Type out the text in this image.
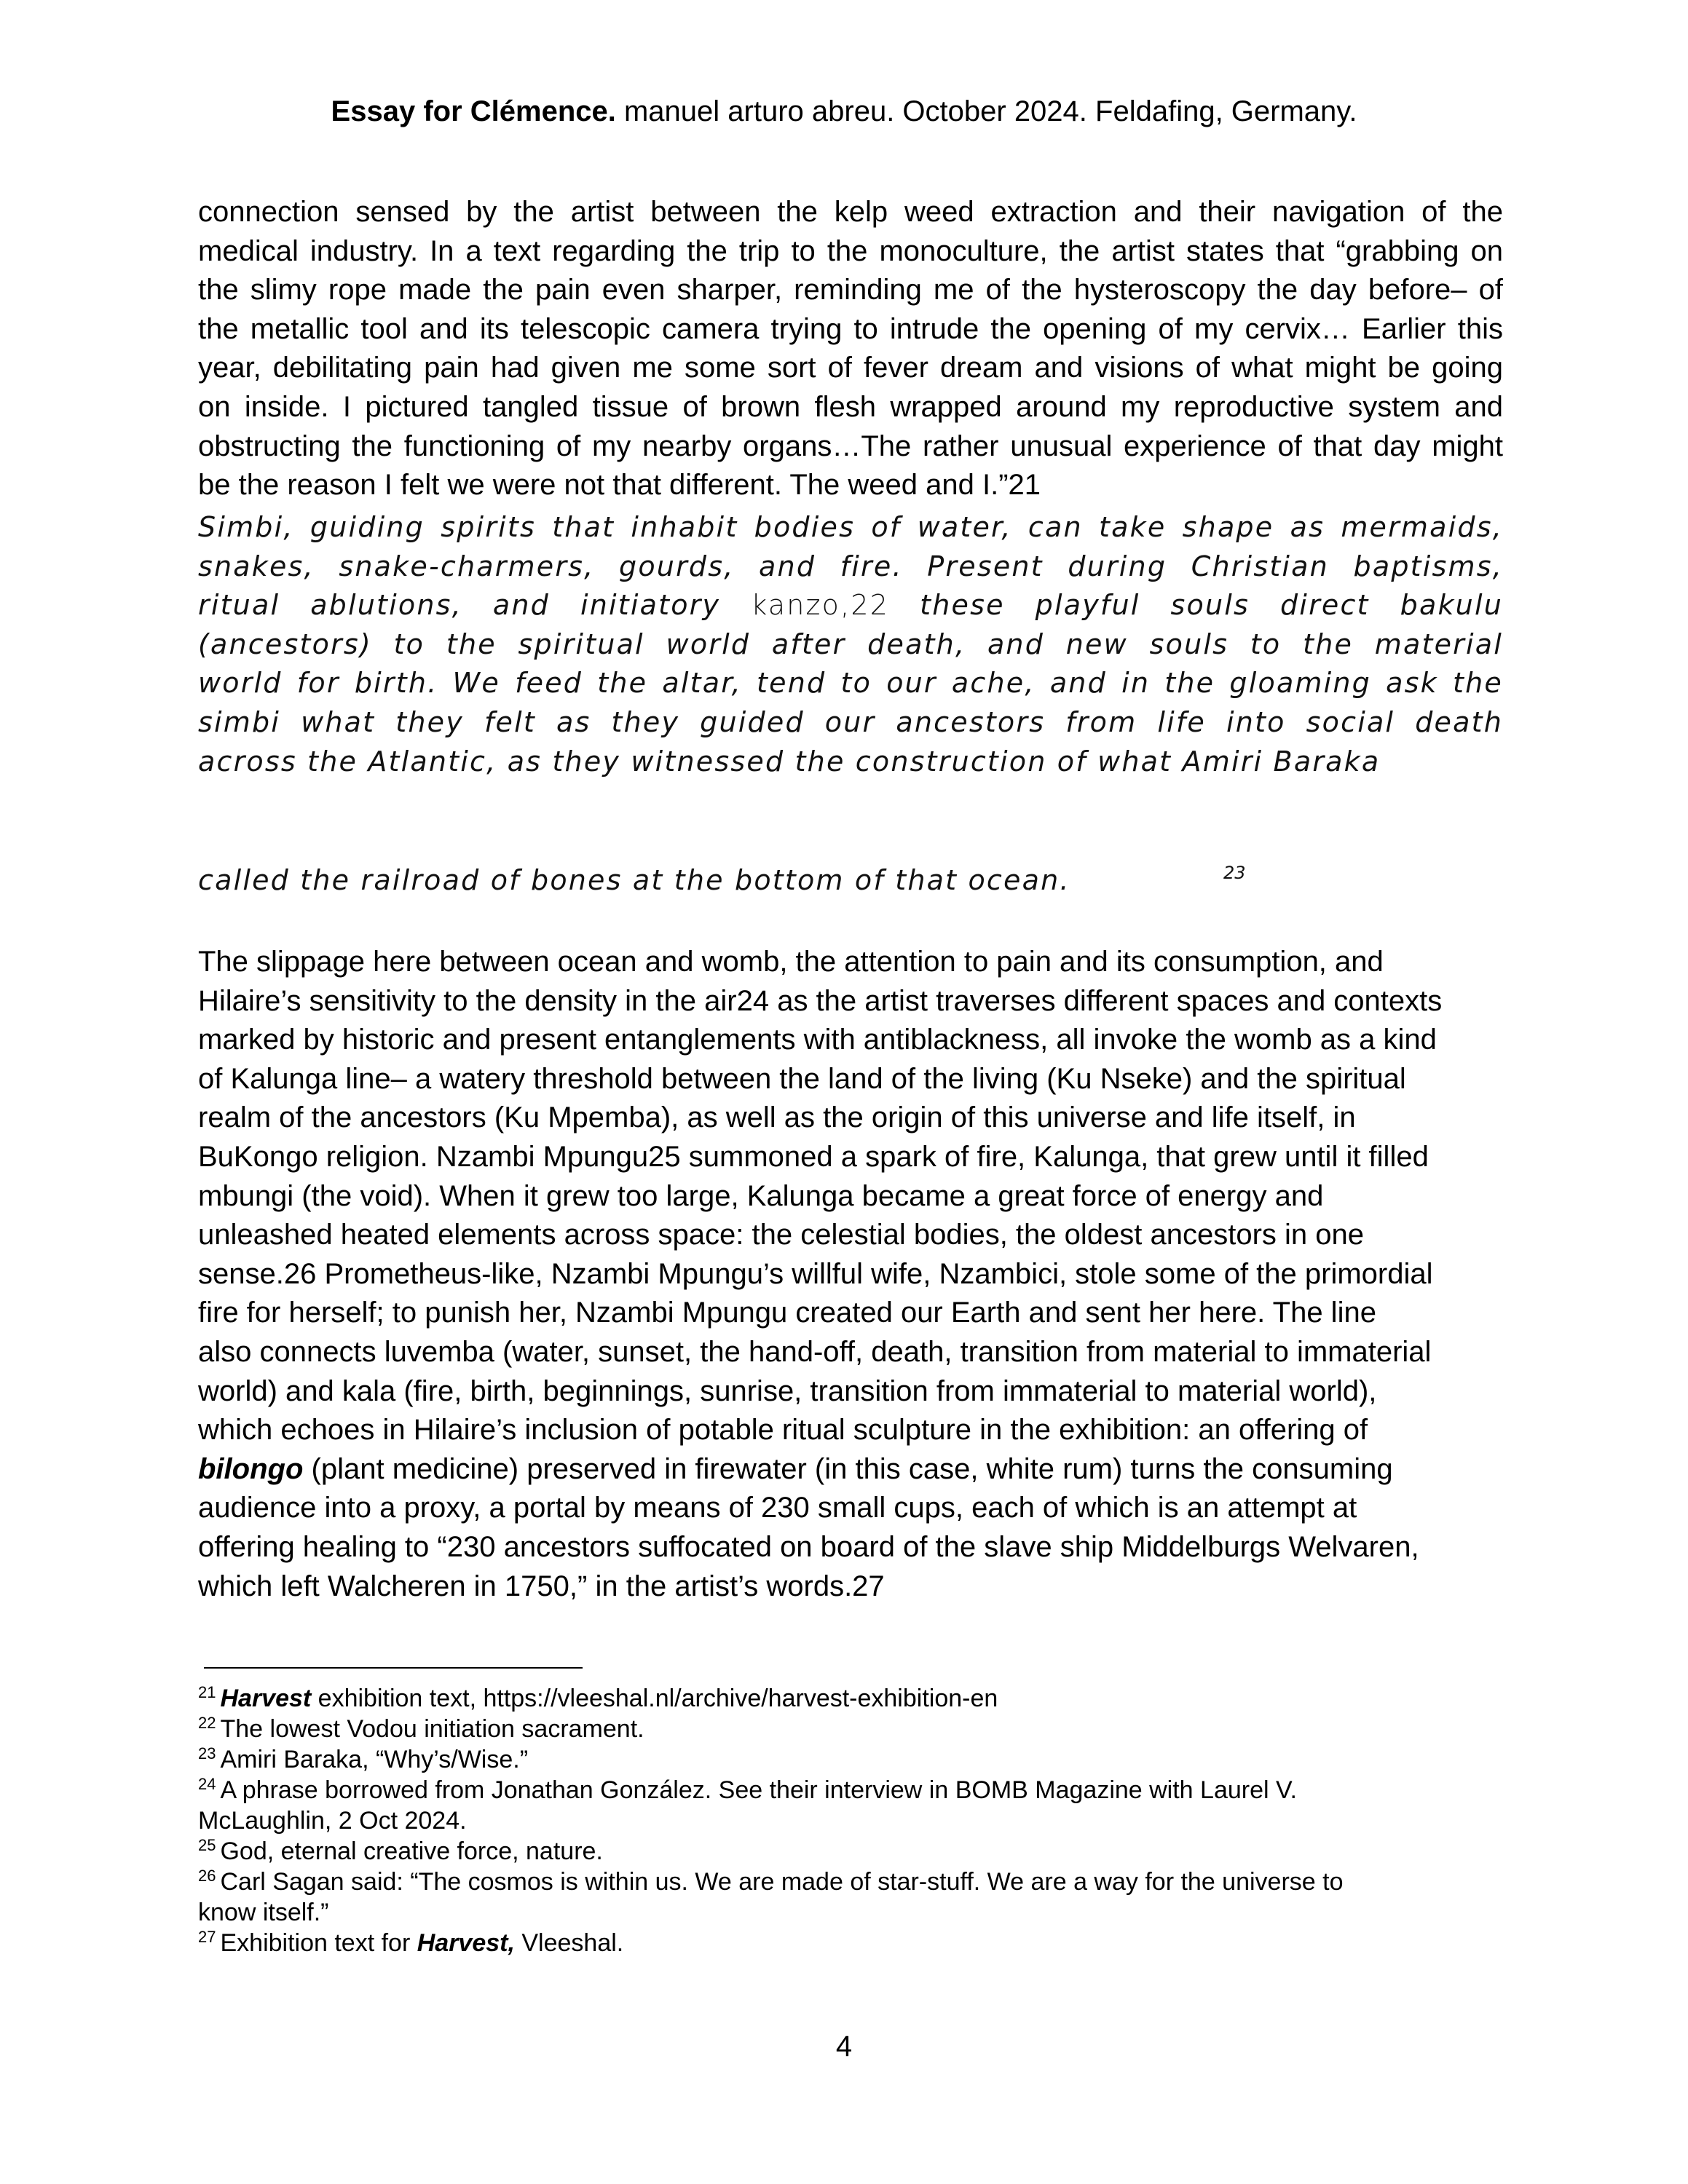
Essay for Clémence. manuel arturo abreu. October 2024. Feldafing, Germany.
connection sensed by the artist between the kelp weed extraction and their navigation of the
medical industry. In a text regarding the trip to the monoculture, the artist states that “grabbing on
the slimy rope made the pain even sharper, reminding me of the hysteroscopy the day before– of
the metallic tool and its telescopic camera trying to intrude the opening of my cervix… Earlier this
year, debilitating pain had given me some sort of fever dream and visions of what might be going
on inside. I pictured tangled tissue of brown flesh wrapped around my reproductive system and
obstructing the functioning of my nearby organs…The rather unusual experience of that day might
be the reason I felt we were not that different. The weed and I.”21
Simbi, guiding spirits that inhabit bodies of water, can take shape as mermaids,
snakes, snake-charmers, gourds, and fire. Present during Christian baptisms,
ritual ablutions, and initiatory kanzo,22 these playful souls direct bakulu
(ancestors) to the spiritual world after death, and new souls to the material
world for birth. We feed the altar, tend to our ache, and in the gloaming ask the
simbi what they felt as they guided our ancestors from life into social death
across the Atlantic, as they witnessed the construction of what Amiri Baraka
called the railroad of bones at the bottom of that ocean.	23
The slippage here between ocean and womb, the attention to pain and its consumption, and
Hilaire’s sensitivity to the density in the air24 as the artist traverses different spaces and contexts
marked by historic and present entanglements with antiblackness, all invoke the womb as a kind
of Kalunga line– a watery threshold between the land of the living (Ku Nseke) and the spiritual
realm of the ancestors (Ku Mpemba), as well as the origin of this universe and life itself, in
BuKongo religion. Nzambi Mpungu25 summoned a spark of fire, Kalunga, that grew until it filled
mbungi (the void). When it grew too large, Kalunga became a great force of energy and
unleashed heated elements across space: the celestial bodies, the oldest ancestors in one
sense.26 Prometheus-like, Nzambi Mpungu’s willful wife, Nzambici, stole some of the primordial
fire for herself; to punish her, Nzambi Mpungu created our Earth and sent her here. The line
also connects luvemba (water, sunset, the hand-off, death, transition from material to immaterial
world) and kala (fire, birth, beginnings, sunrise, transition from immaterial to material world),
which echoes in Hilaire’s inclusion of potable ritual sculpture in the exhibition: an offering of
bilongo (plant medicine) preserved in firewater (in this case, white rum) turns the consuming
audience into a proxy, a portal by means of 230 small cups, each of which is an attempt at
offering healing to “230 ancestors suffocated on board of the slave ship Middelburgs Welvaren,
which left Walcheren in 1750,” in the artist’s words.27
$^{21}$ Harvest exhibition text, https://vleeshal.nl/archive/harvest-exhibition-en
$^{22}$ The lowest Vodou initiation sacrament.
$^{23}$ Amiri Baraka, “Why’s/Wise.”
$^{24}$ A phrase borrowed from Jonathan González. See their interview in BOMB Magazine with Laurel V.
McLaughlin, 2 Oct 2024.
$^{25}$ God, eternal creative force, nature.
$^{26}$ Carl Sagan said: “The cosmos is within us. We are made of star-stuff. We are a way for the universe to
know itself.”
$^{27}$ Exhibition text for Harvest, Vleeshal.
4
